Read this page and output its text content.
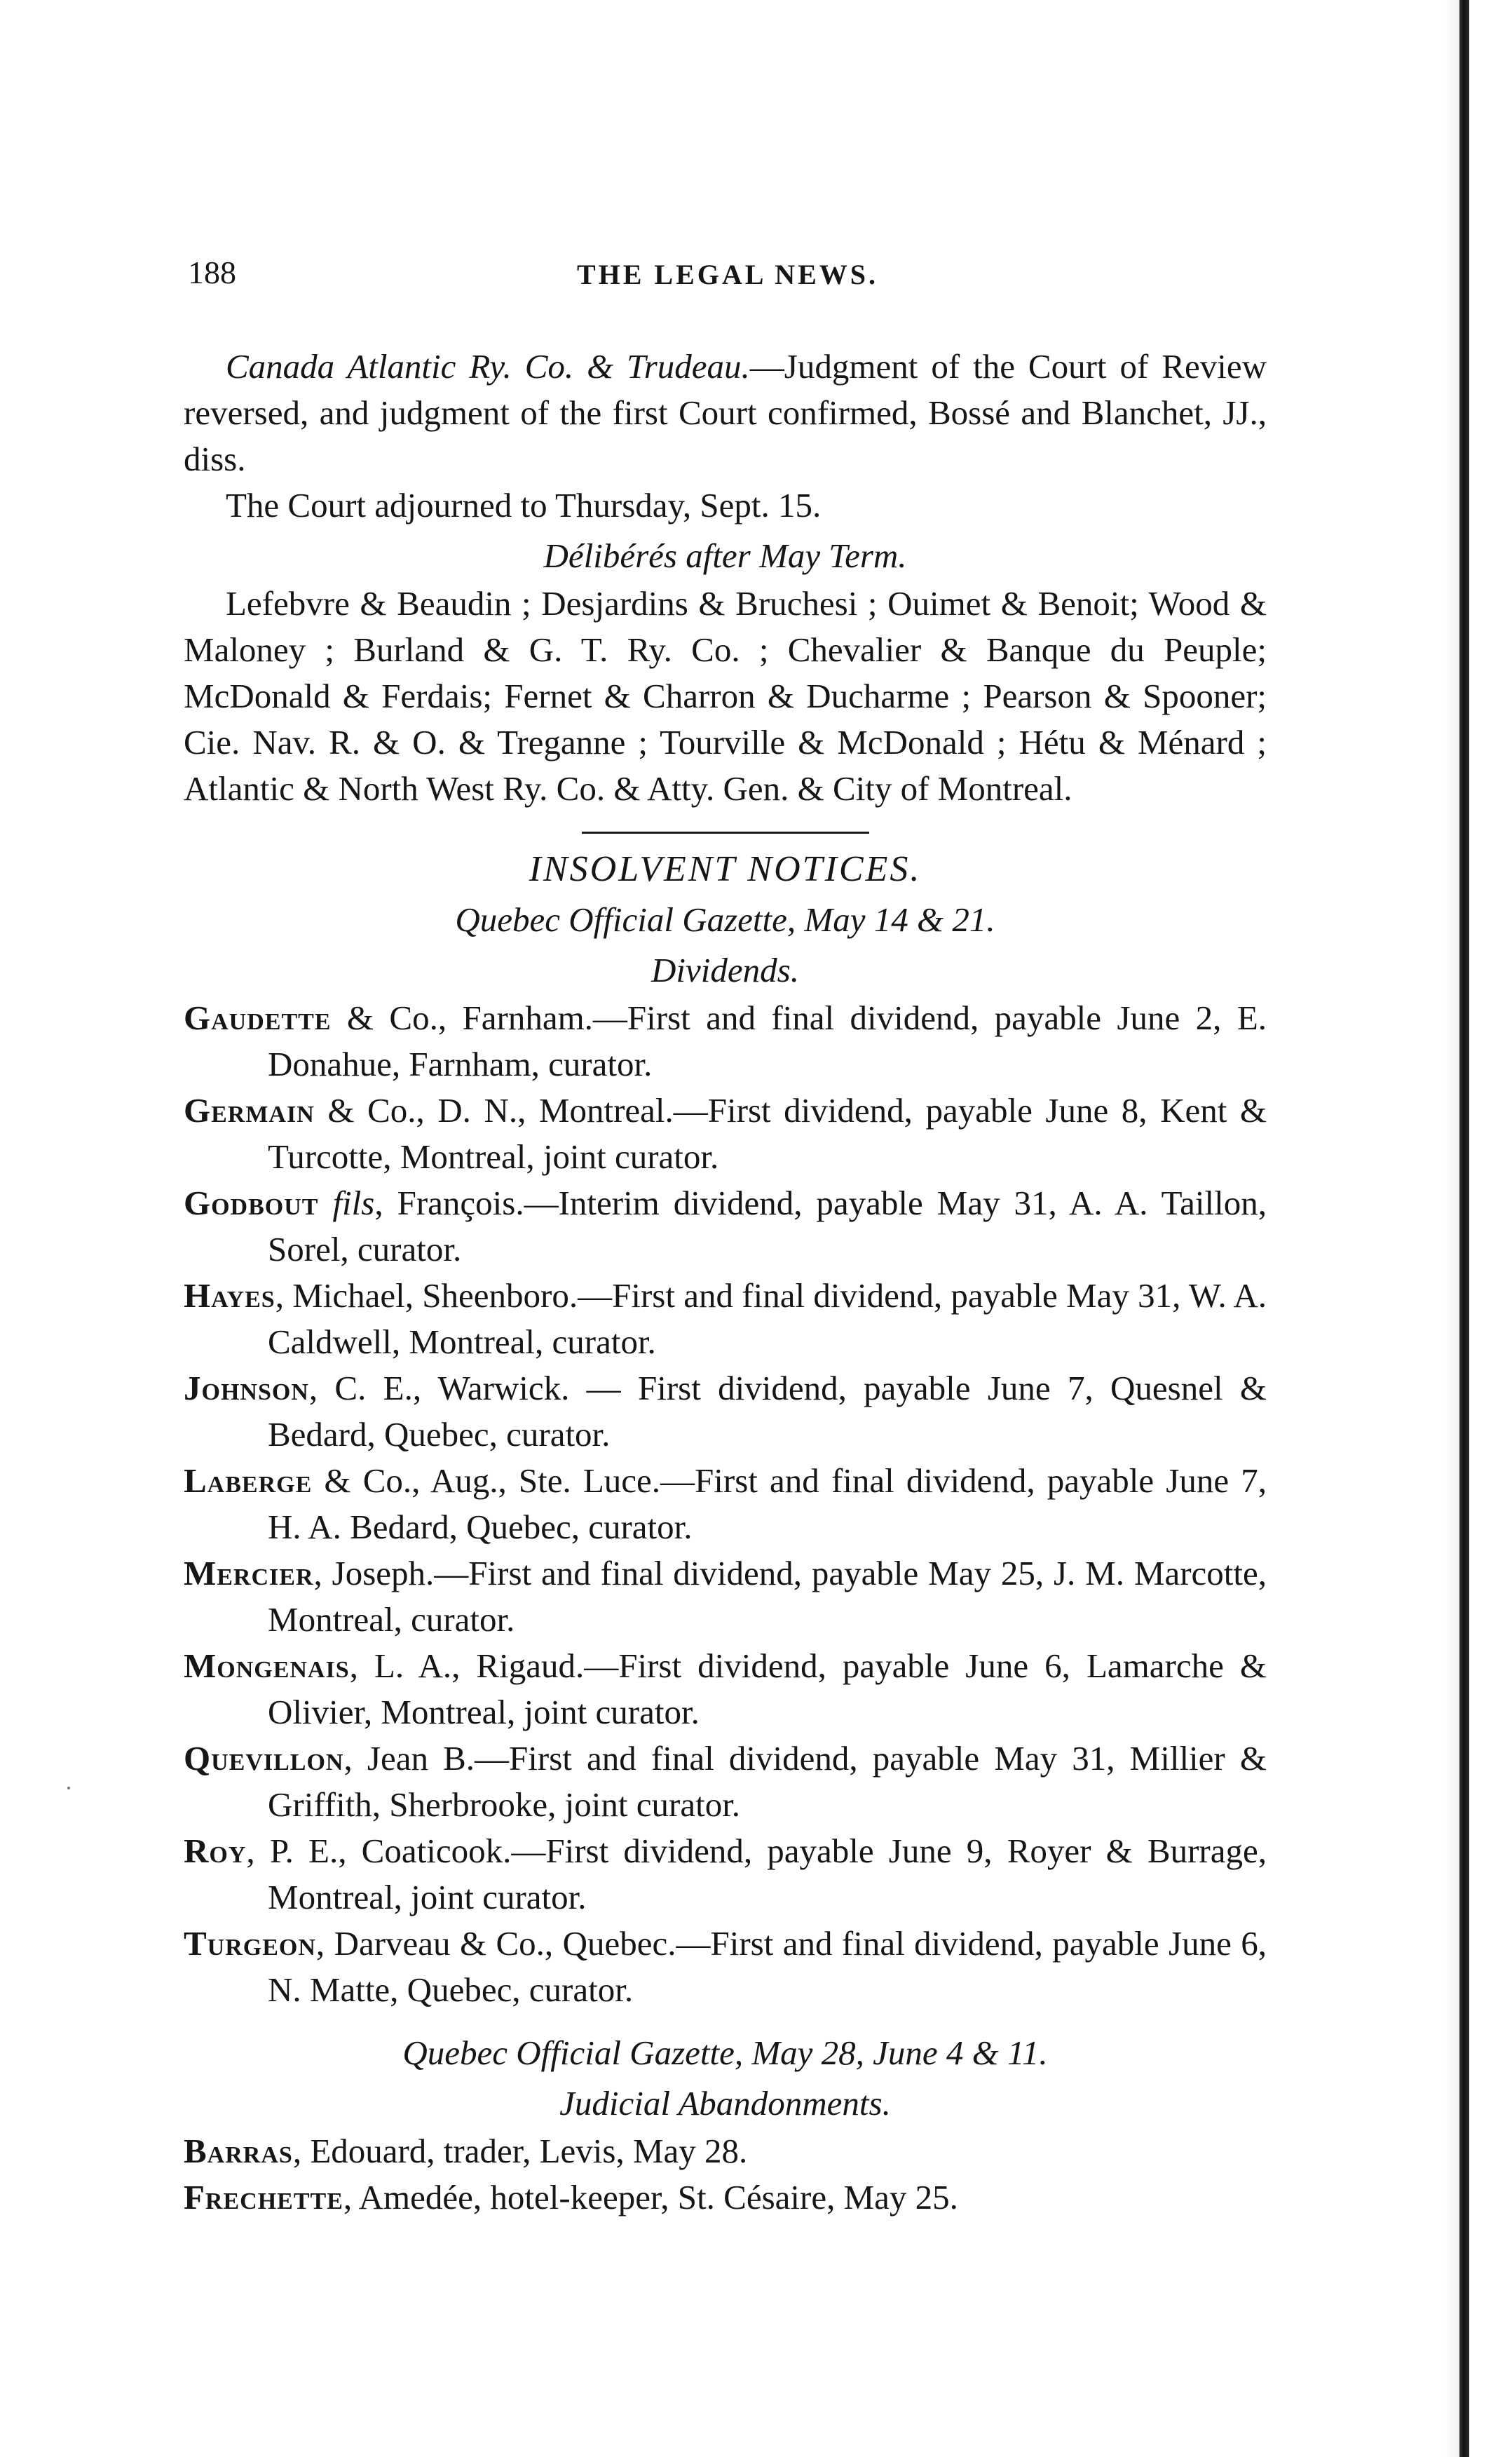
188	THE LEGAL NEWS.

Canada Atlantic Ry. Co. & Trudeau.—Judgment of the Court of Review reversed, and judgment of the first Court confirmed, Bossé and Blanchet, JJ., diss.

The Court adjourned to Thursday, Sept. 15.

Délibérés after May Term.

Lefebvre & Beaudin ; Desjardins & Bruchesi ; Ouimet & Benoit; Wood & Maloney ; Burland & G. T. Ry. Co. ; Chevalier & Banque du Peuple; McDonald & Ferdais; Fernet & Charron & Ducharme ; Pearson & Spooner; Cie. Nav. R. & O. & Treganne ; Tourville & McDonald ; Hétu & Ménard ; Atlantic & North West Ry. Co. & Atty. Gen. & City of Montreal.

INSOLVENT NOTICES.
Quebec Official Gazette, May 14 & 21.
Dividends.

Gaudette & Co., Farnham.—First and final dividend, payable June 2, E. Donahue, Farnham, curator.

Germain & Co., D. N., Montreal.—First dividend, payable June 8, Kent & Turcotte, Montreal, joint curator.

Godbout fils, François.—Interim dividend, payable May 31, A. A. Taillon, Sorel, curator.

Hayes, Michael, Sheenboro.—First and final dividend, payable May 31, W. A. Caldwell, Montreal, curator.

Johnson, C. E., Warwick. — First dividend, payable June 7, Quesnel & Bedard, Quebec, curator.

Laberge & Co., Aug., Ste. Luce.—First and final dividend, payable June 7, H. A. Bedard, Quebec, curator.

Mercier, Joseph.—First and final dividend, payable May 25, J. M. Marcotte, Montreal, curator.

Mongenais, L. A., Rigaud.—First dividend, payable June 6, Lamarche & Olivier, Montreal, joint curator.

Quevillon, Jean B.—First and final dividend, payable May 31, Millier & Griffith, Sherbrooke, joint curator.

Roy, P. E., Coaticook.—First dividend, payable June 9, Royer & Burrage, Montreal, joint curator.

Turgeon, Darveau & Co., Quebec.—First and final dividend, payable June 6, N. Matte, Quebec, curator.

Quebec Official Gazette, May 28, June 4 & 11.
Judicial Abandonments.

Barras, Edouard, trader, Levis, May 28.

Frechette, Amedée, hotel-keeper, St. Césaire, May 25.
